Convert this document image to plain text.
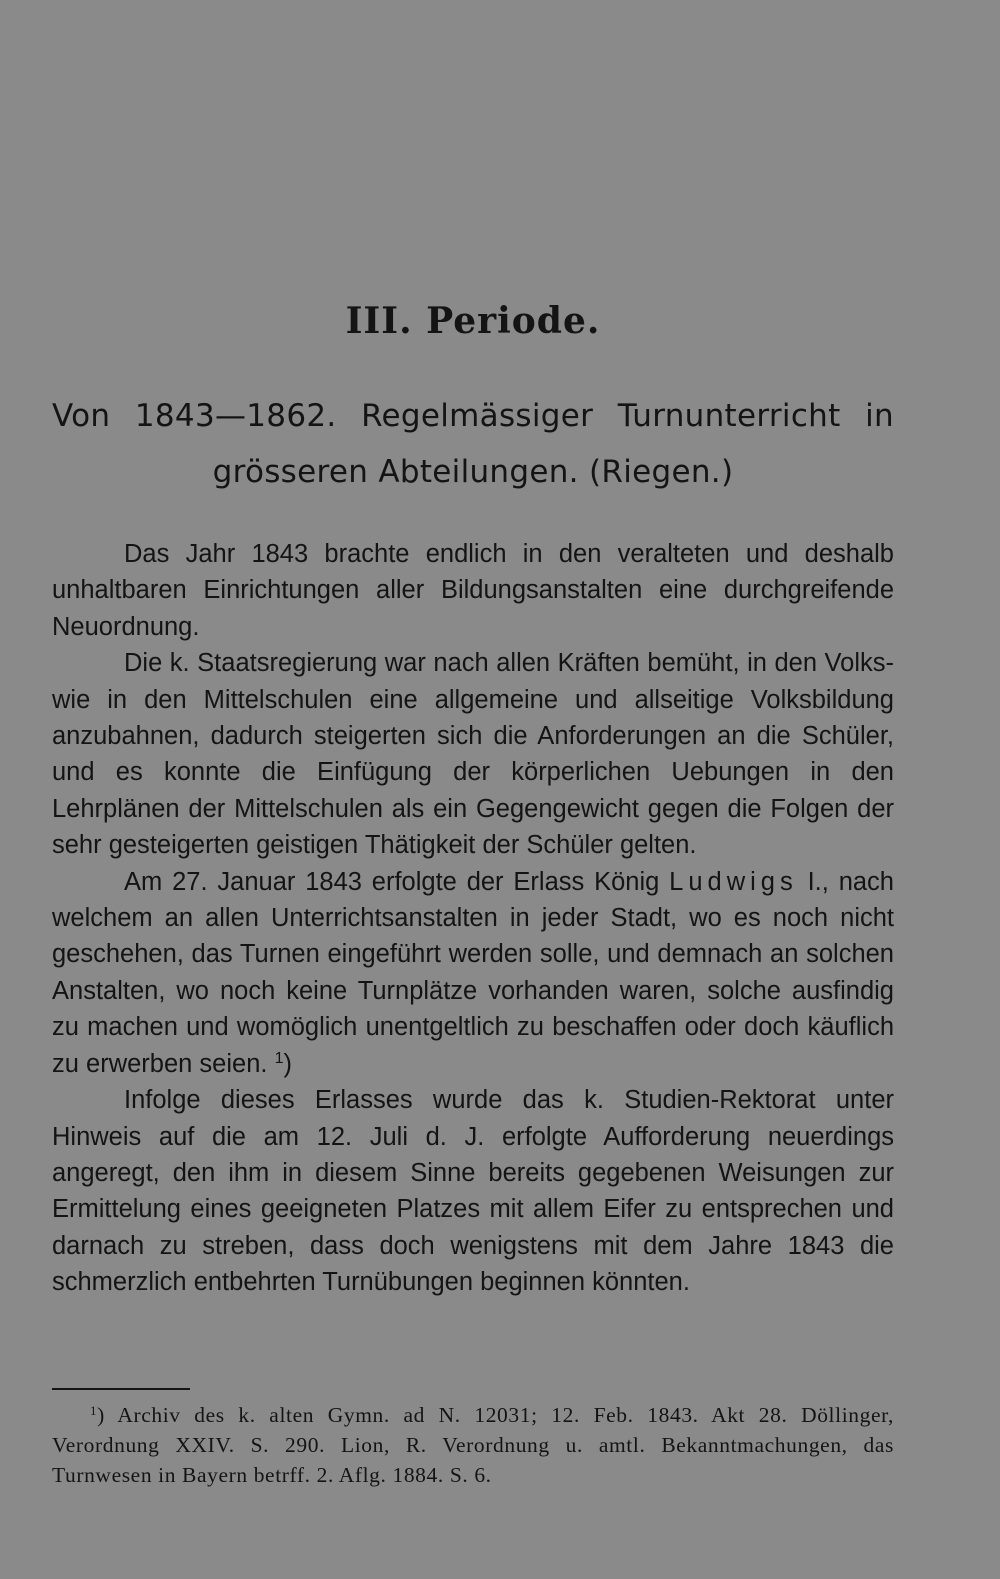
III. Periode.
Von 1843—1862. Regelmässiger Turnunterricht in
grösseren Abteilungen. (Riegen.)

Das Jahr 1843 brachte endlich in den veralteten und deshalb unhaltbaren Einrichtungen aller Bildungsanstalten eine durchgreifende Neuordnung.

Die k. Staatsregierung war nach allen Kräften bemüht, in den Volks- wie in den Mittelschulen eine allgemeine und allseitige Volksbildung anzubahnen, dadurch steigerten sich die Anforderungen an die Schüler, und es konnte die Einfügung der körperlichen Uebungen in den Lehrplänen der Mittelschulen als ein Gegengewicht gegen die Folgen der sehr gesteigerten geistigen Thätigkeit der Schüler gelten.

Am 27. Januar 1843 erfolgte der Erlass König Ludwigs I., nach welchem an allen Unterrichtsanstalten in jeder Stadt, wo es noch nicht geschehen, das Turnen eingeführt werden solle, und demnach an solchen Anstalten, wo noch keine Turnplätze vorhanden waren, solche ausfindig zu machen und womöglich unentgeltlich zu beschaffen oder doch käuflich zu erwerben seien. $^1$)

Infolge dieses Erlasses wurde das k. Studien-Rektorat unter Hinweis auf die am 12. Juli d. J. erfolgte Aufforderung neuerdings angeregt, den ihm in diesem Sinne bereits gegebenen Weisungen zur Ermittelung eines geeigneten Platzes mit allem Eifer zu entsprechen und darnach zu streben, dass doch wenigstens mit dem Jahre 1843 die schmerzlich entbehrten Turnübungen beginnen könnten.

$^1$) Archiv des k. alten Gymn. ad N. 12031; 12. Feb. 1843. Akt 28. Döllinger, Verordnung XXIV. S. 290. Lion, R. Verordnung u. amtl. Bekanntmachungen, das Turnwesen in Bayern betrff. 2. Aflg. 1884. S. 6.
